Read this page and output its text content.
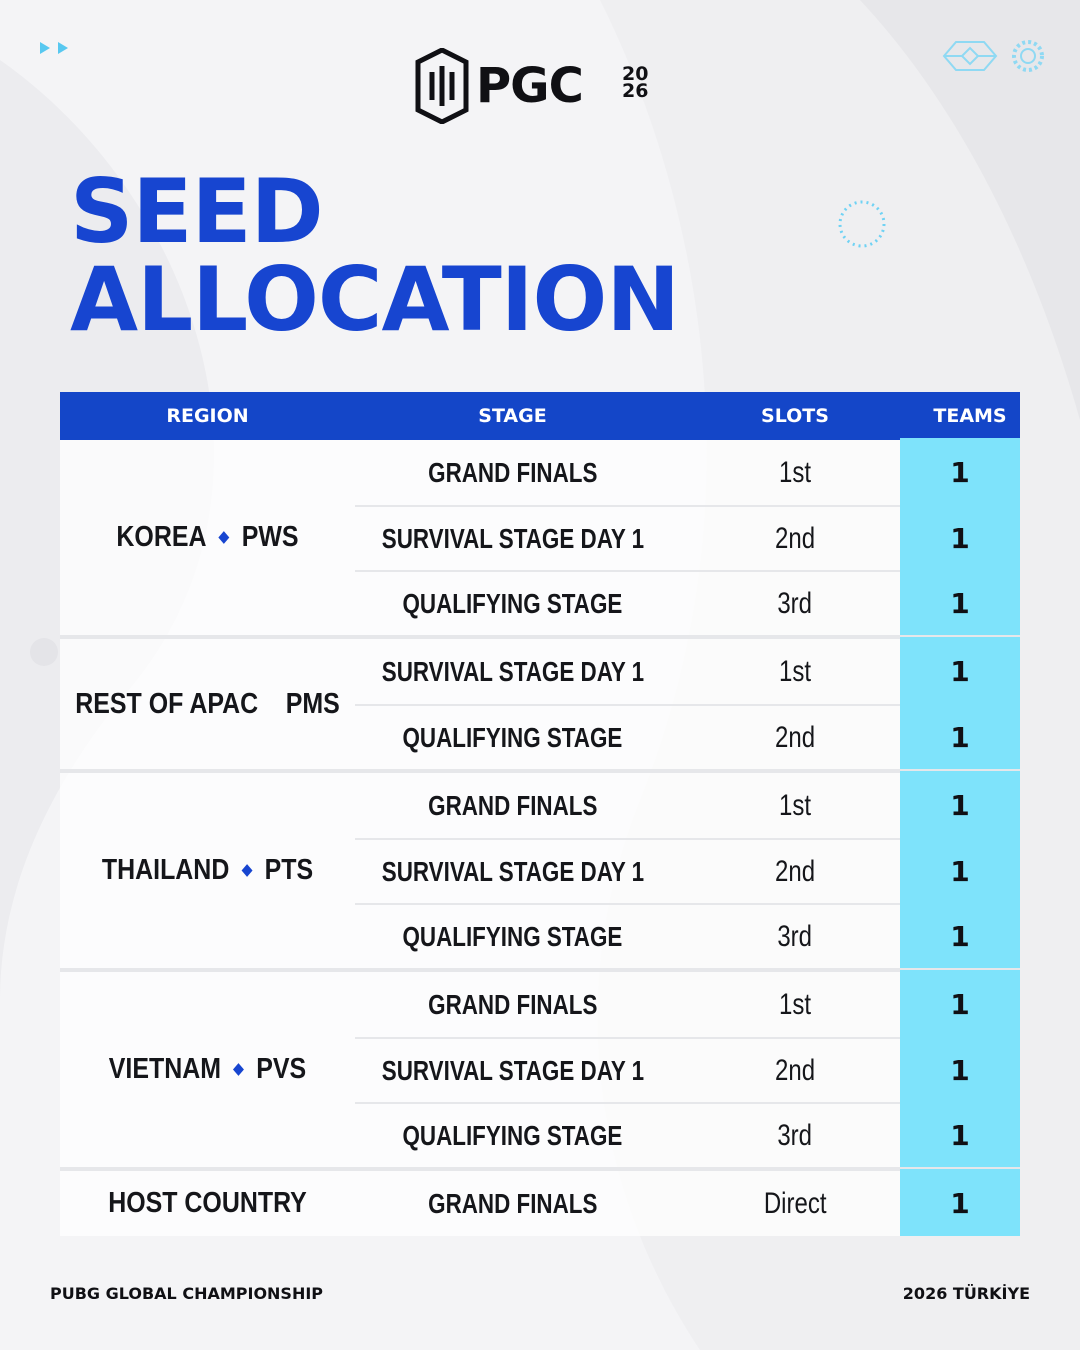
PGC 20
26
SEED
ALLOCATION
REGION	STAGE	SLOTS	TEAMS
KOREA PWS
GRAND FINALS	1st	1
SURVIVAL STAGE DAY 1	2nd	1
QUALIFYING STAGE	3rd	1
REST OF APAC PMS
SURVIVAL STAGE DAY 1	1st	1
QUALIFYING STAGE	2nd	1
THAILAND PTS
GRAND FINALS	1st	1
SURVIVAL STAGE DAY 1	2nd	1
QUALIFYING STAGE	3rd	1
VIETNAM PVS
GRAND FINALS	1st	1
SURVIVAL STAGE DAY 1	2nd	1
QUALIFYING STAGE	3rd	1
HOST COUNTRY	GRAND FINALS	Direct	1
PUBG GLOBAL CHAMPIONSHIP	2026 TÜRKİYE
